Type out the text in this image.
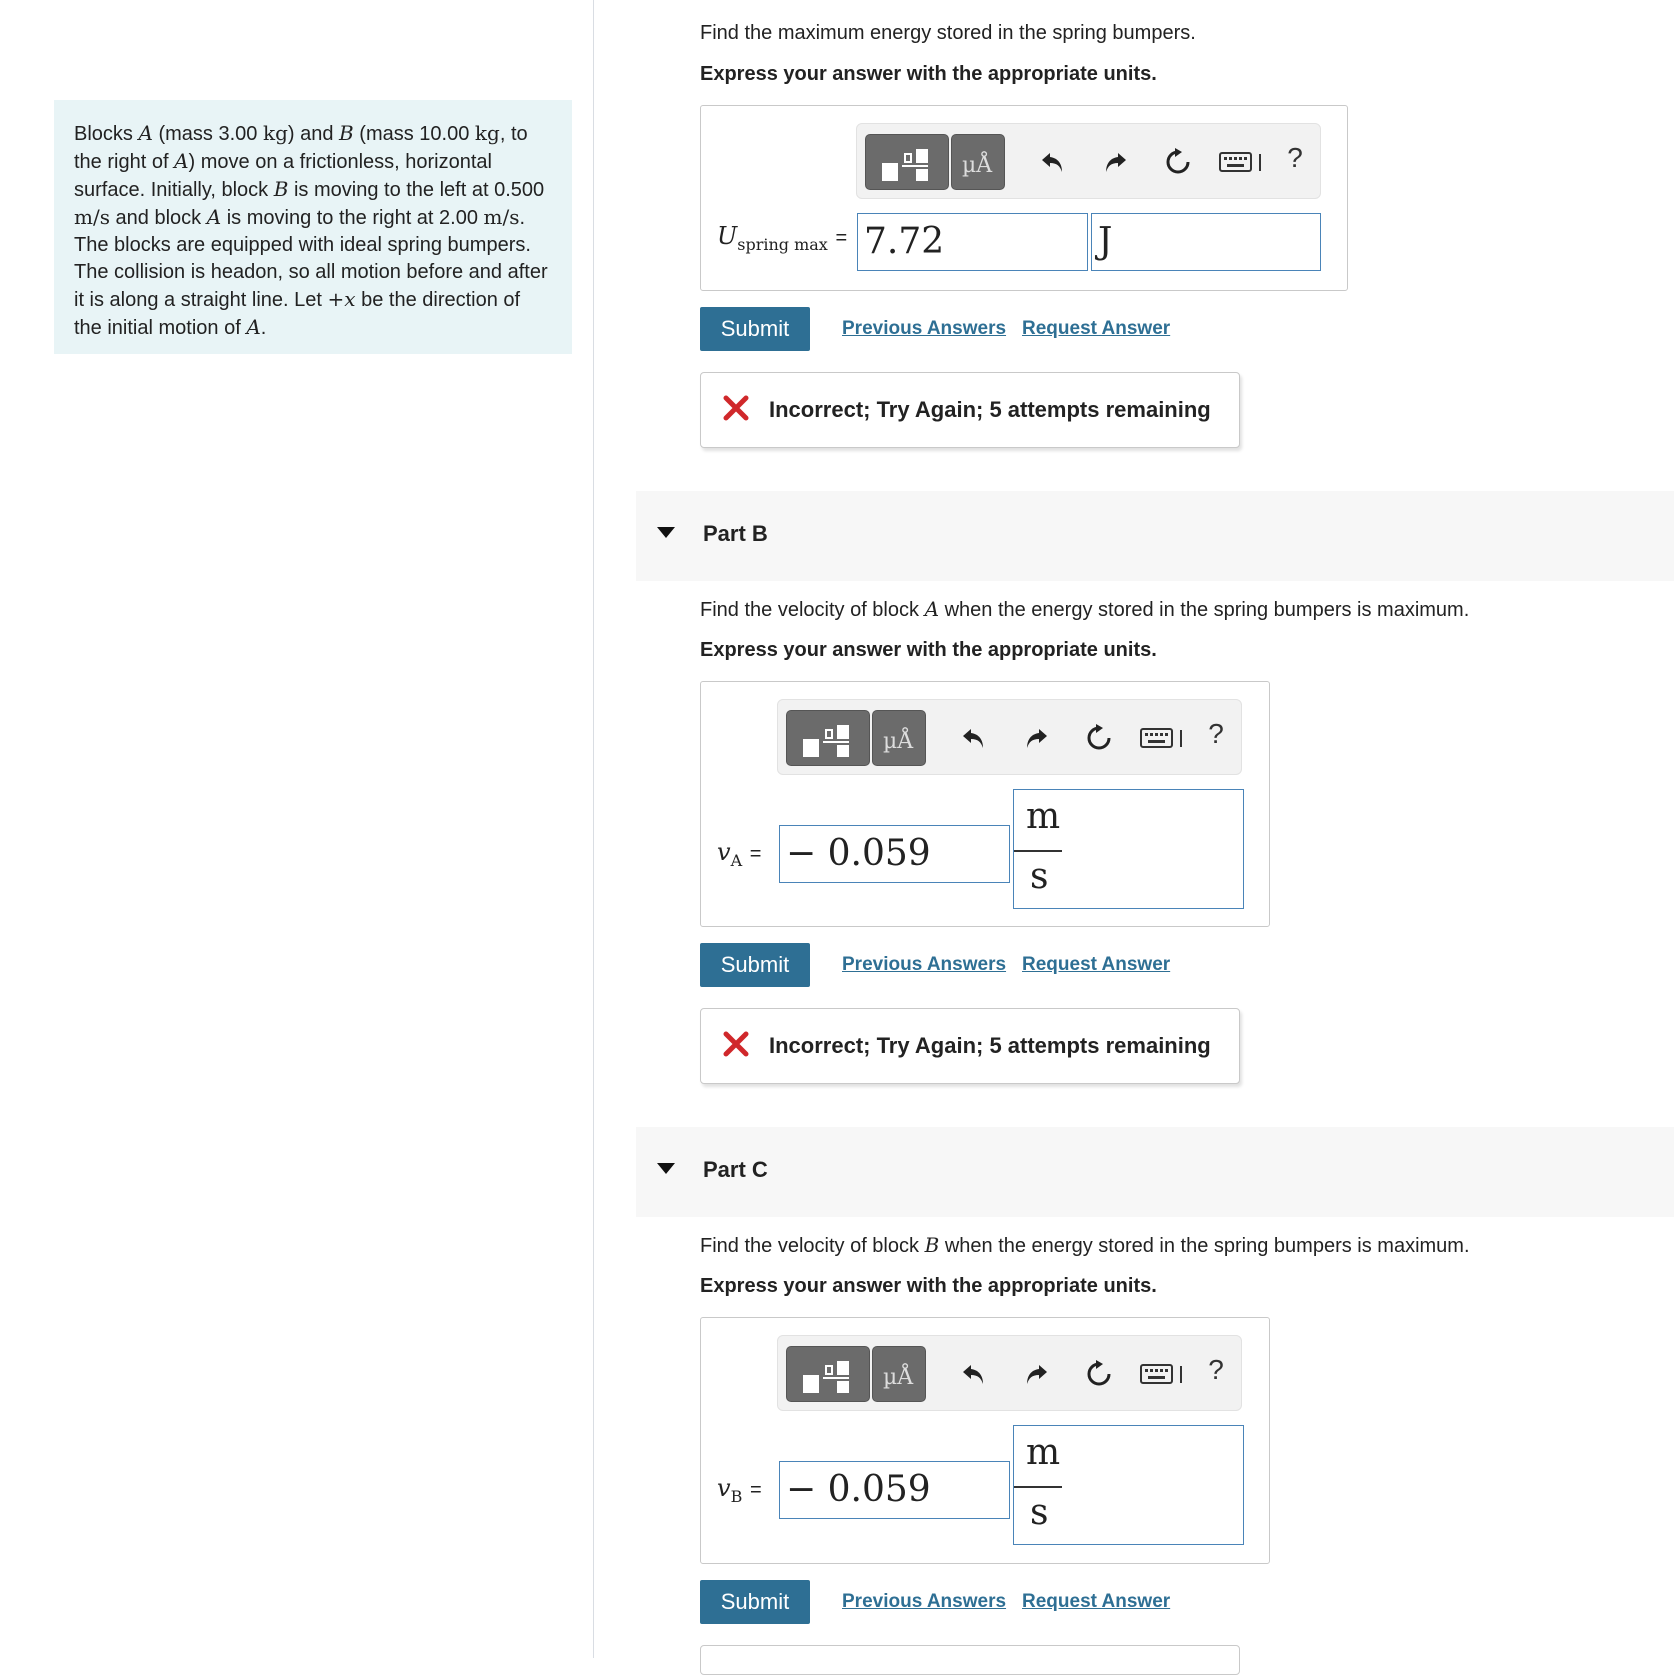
Blocks A (mass 3.00 kg) and B (mass 10.00 kg, to the right of A) move on a frictionless, horizontal surface. Initially, block B is moving to the left at 0.500 m/s and block A is moving to the right at 2.00 m/s. The blocks are equipped with ideal spring bumpers. The collision is headon, so all motion before and after it is along a straight line. Let +x be the direction of the initial motion of A.
Find the maximum energy stored in the spring bumpers.
Express your answer with the appropriate units.
µÅ	?
$U_{spring max} = 7.72$	J
Submit	Previous Answers Request Answer
Incorrect; Try Again; 5 attempts remaining
Part B
Find the velocity of block A when the energy stored in the spring bumpers is maximum.
Express your answer with the appropriate units.
µÅ	?
$v_A$ = − 0.059
m
s
Submit	Previous Answers Request Answer
Incorrect; Try Again; 5 attempts remaining
Part C
Find the velocity of block B when the energy stored in the spring bumpers is maximum.
Express your answer with the appropriate units.
µÅ	?
$v_B$ = − 0.059
m
s
Submit	Previous Answers Request Answer
